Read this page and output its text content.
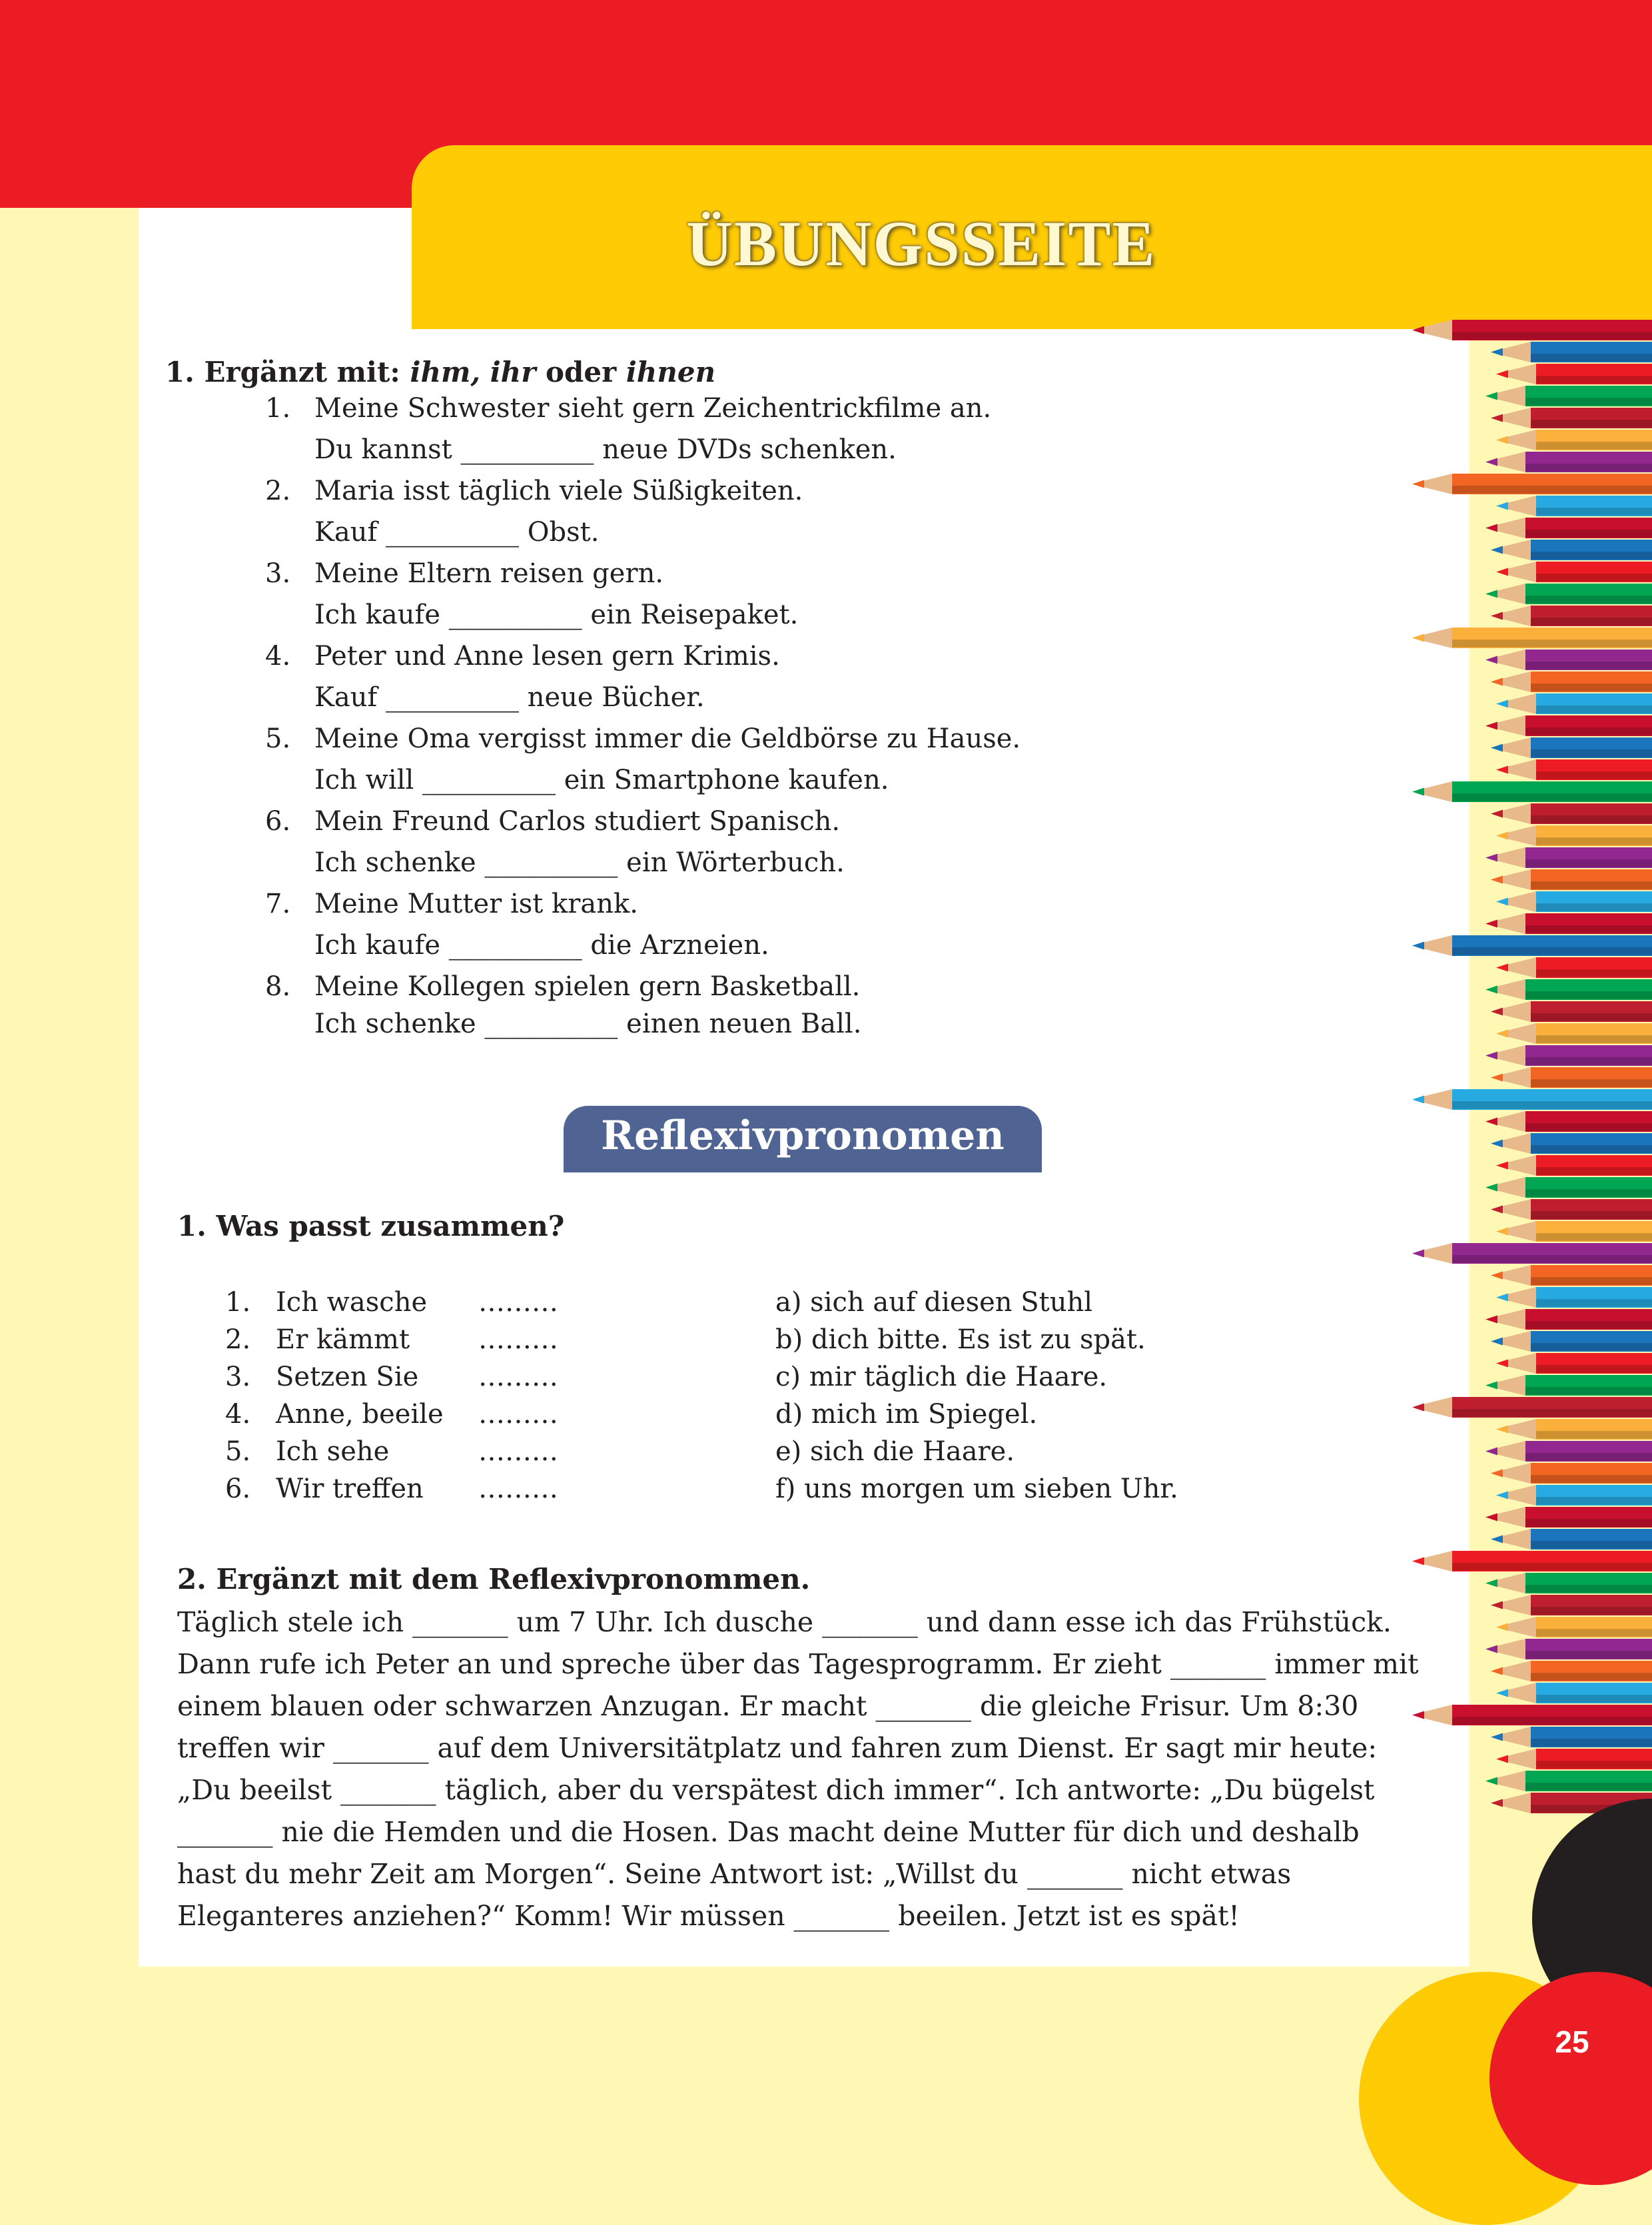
ÜBUNGSSEITE
1. Ergänzt mit: ihm, ihr oder ihnen
1. Meine Schwester sieht gern Zeichentrickfilme an.
Du kannst __________ neue DVDs schenken.
2. Maria isst täglich viele Süßigkeiten.
Kauf __________ Obst.
3. Meine Eltern reisen gern.
Ich kaufe __________ ein Reisepaket.
4. Peter und Anne lesen gern Krimis.
Kauf __________ neue Bücher.
5. Meine Oma vergisst immer die Geldbörse zu Hause.
Ich will __________ ein Smartphone kaufen.
6. Mein Freund Carlos studiert Spanisch.
Ich schenke __________ ein Wörterbuch.
7. Meine Mutter ist krank.
Ich kaufe __________ die Arzneien.
8. Meine Kollegen spielen gern Basketball.
Ich schenke __________ einen neuen Ball.
Reflexivpronomen
1. Was passt zusammen?
1. Ich wasche ………
2. Er kämmt	………
3. Setzen Sie ………
4. Anne, beeile ………
5. Ich sehe	………
6. Wir treffen ………
a) sich auf diesen Stuhl
b) dich bitte. Es ist zu spät.
c) mir täglich die Haare.
d) mich im Spiegel.
e) sich die Haare.
f) uns morgen um sieben Uhr.
2. Ergänzt mit dem Reflexivpronommen.
Täglich stele ich _______ um 7 Uhr. Ich dusche _______ und dann esse ich das Frühstück.
Dann rufe ich Peter an und spreche über das Tagesprogramm. Er zieht _______ immer mit
einem blauen oder schwarzen Anzugan. Er macht _______ die gleiche Frisur. Um 8:30
treffen wir _______ auf dem Universitätplatz und fahren zum Dienst. Er sagt mir heute:
„Du beeilst _______ täglich, aber du verspätest dich immer“. Ich antworte: „Du bügelst
_______ nie die Hemden und die Hosen. Das macht deine Mutter für dich und deshalb
hast du mehr Zeit am Morgen“. Seine Antwort ist: „Willst du _______ nicht etwas
Eleganteres anziehen?“ Komm! Wir müssen _______ beeilen. Jetzt ist es spät!
25
